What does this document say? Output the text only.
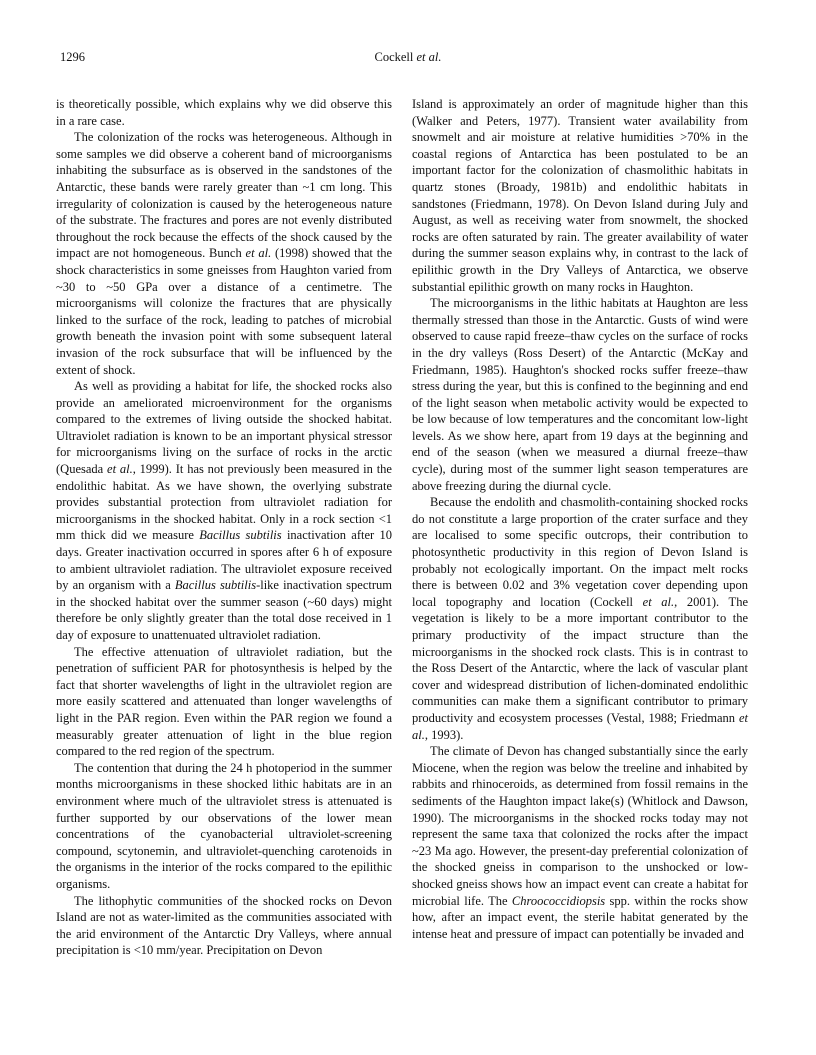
1296	Cockell et al.

is theoretically possible, which explains why we did observe this in a rare case.

The colonization of the rocks was heterogeneous. Although in some samples we did observe a coherent band of microorganisms inhabiting the subsurface as is observed in the sandstones of the Antarctic, these bands were rarely greater than ~1 cm long. This irregularity of colonization is caused by the heterogeneous nature of the substrate. The fractures and pores are not evenly distributed throughout the rock because the effects of the shock caused by the impact are not homogeneous. Bunch et al. (1998) showed that the shock characteristics in some gneisses from Haughton varied from ~30 to ~50 GPa over a distance of a centimetre. The microorganisms will colonize the fractures that are physically linked to the surface of the rock, leading to patches of microbial growth beneath the invasion point with some subsequent lateral invasion of the rock subsurface that will be influenced by the extent of shock.

As well as providing a habitat for life, the shocked rocks also provide an ameliorated microenvironment for the organisms compared to the extremes of living outside the shocked habitat. Ultraviolet radiation is known to be an important physical stressor for microorganisms living on the surface of rocks in the arctic (Quesada et al., 1999). It has not previously been measured in the endolithic habitat. As we have shown, the overlying substrate provides substantial protection from ultraviolet radiation for microorganisms in the shocked habitat. Only in a rock section <1 mm thick did we measure Bacillus subtilis inactivation after 10 days. Greater inactivation occurred in spores after 6 h of exposure to ambient ultraviolet radiation. The ultraviolet exposure received by an organism with a Bacillus subtilis-like inactivation spectrum in the shocked habitat over the summer season (~60 days) might therefore be only slightly greater than the total dose received in 1 day of exposure to unattenuated ultraviolet radiation.

The effective attenuation of ultraviolet radiation, but the penetration of sufficient PAR for photosynthesis is helped by the fact that shorter wavelengths of light in the ultraviolet region are more easily scattered and attenuated than longer wavelengths of light in the PAR region. Even within the PAR region we found a measurably greater attenuation of light in the blue region compared to the red region of the spectrum.

The contention that during the 24 h photoperiod in the summer months microorganisms in these shocked lithic habitats are in an environment where much of the ultraviolet stress is attenuated is further supported by our observations of the lower mean concentrations of the cyanobacterial ultraviolet-screening compound, scytonemin, and ultraviolet-quenching carotenoids in the organisms in the interior of the rocks compared to the epilithic organisms.

The lithophytic communities of the shocked rocks on Devon Island are not as water-limited as the communities associated with the arid environment of the Antarctic Dry Valleys, where annual precipitation is <10 mm/year. Precipitation on Devon

Island is approximately an order of magnitude higher than this (Walker and Peters, 1977). Transient water availability from snowmelt and air moisture at relative humidities >70% in the coastal regions of Antarctica has been postulated to be an important factor for the colonization of chasmolithic habitats in quartz stones (Broady, 1981b) and endolithic habitats in sandstones (Friedmann, 1978). On Devon Island during July and August, as well as receiving water from snowmelt, the shocked rocks are often saturated by rain. The greater availability of water during the summer season explains why, in contrast to the lack of epilithic growth in the Dry Valleys of Antarctica, we observe substantial epilithic growth on many rocks in Haughton.

The microorganisms in the lithic habitats at Haughton are less thermally stressed than those in the Antarctic. Gusts of wind were observed to cause rapid freeze–thaw cycles on the surface of rocks in the dry valleys (Ross Desert) of the Antarctic (McKay and Friedmann, 1985). Haughton's shocked rocks suffer freeze–thaw stress during the year, but this is confined to the beginning and end of the light season when metabolic activity would be expected to be low because of low temperatures and the concomitant low-light levels. As we show here, apart from 19 days at the beginning and end of the season (when we measured a diurnal freeze–thaw cycle), during most of the summer light season temperatures are above freezing during the diurnal cycle.

Because the endolith and chasmolith-containing shocked rocks do not constitute a large proportion of the crater surface and they are localised to some specific outcrops, their contribution to photosynthetic productivity in this region of Devon Island is probably not ecologically important. On the impact melt rocks there is between 0.02 and 3% vegetation cover depending upon local topography and location (Cockell et al., 2001). The vegetation is likely to be a more important contributor to the primary productivity of the impact structure than the microorganisms in the shocked rock clasts. This is in contrast to the Ross Desert of the Antarctic, where the lack of vascular plant cover and widespread distribution of lichen-dominated endolithic communities can make them a significant contributor to primary productivity and ecosystem processes (Vestal, 1988; Friedmann et al., 1993).

The climate of Devon has changed substantially since the early Miocene, when the region was below the treeline and inhabited by rabbits and rhinoceroids, as determined from fossil remains in the sediments of the Haughton impact lake(s) (Whitlock and Dawson, 1990). The microorganisms in the shocked rocks today may not represent the same taxa that colonized the rocks after the impact ~23 Ma ago. However, the present-day preferential colonization of the shocked gneiss in comparison to the unshocked or low-shocked gneiss shows how an impact event can create a habitat for microbial life. The Chroococcidiopsis spp. within the rocks show how, after an impact event, the sterile habitat generated by the intense heat and pressure of impact can potentially be invaded and
